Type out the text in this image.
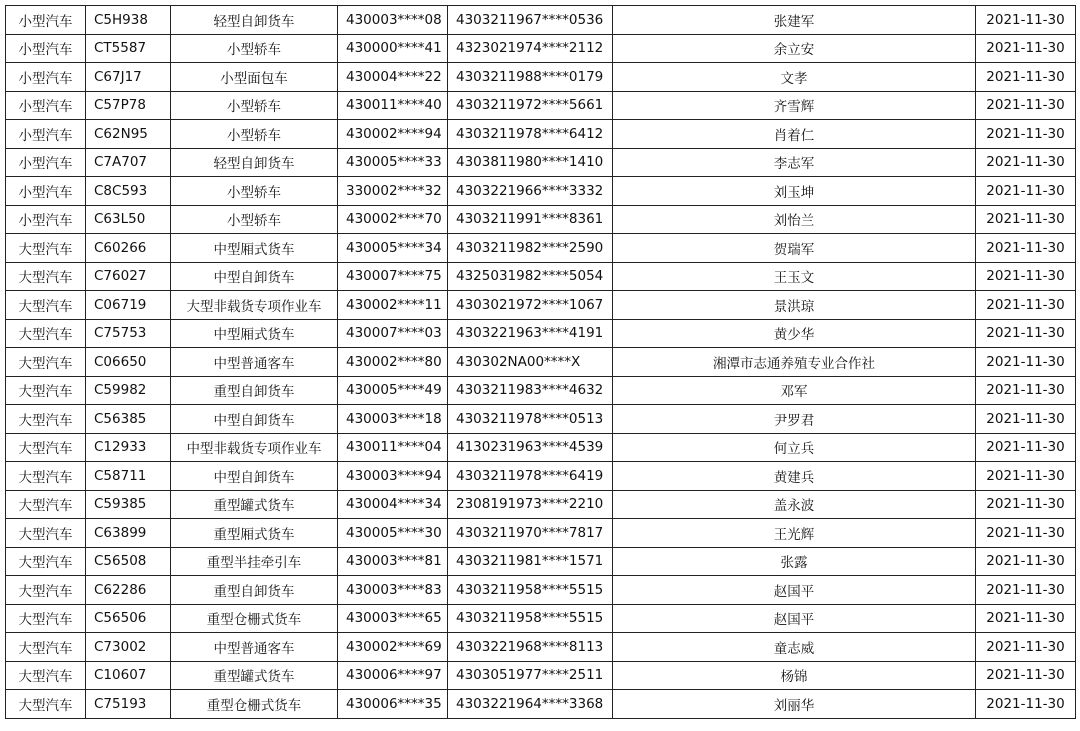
小型汽车	C5H938	轻型自卸货车	430003****08	4303211967****0536	张建军	2021-11-30
小型汽车	CT5587	小型轿车	430000****41	4323021974****2112	余立安	2021-11-30
小型汽车	C67J17	小型面包车	430004****22	4303211988****0179	文孝	2021-11-30
小型汽车	C57P78	小型轿车	430011****40	4303211972****5661	齐雪辉	2021-11-30
小型汽车	C62N95	小型轿车	430002****94	4303211978****6412	肖着仁	2021-11-30
小型汽车	C7A707	轻型自卸货车	430005****33	4303811980****1410	李志军	2021-11-30
小型汽车	C8C593	小型轿车	330002****32	4303221966****3332	刘玉坤	2021-11-30
小型汽车	C63L50	小型轿车	430002****70	4303211991****8361	刘怡兰	2021-11-30
大型汽车	C60266	中型厢式货车	430005****34	4303211982****2590	贺瑞军	2021-11-30
大型汽车	C76027	中型自卸货车	430007****75	4325031982****5054	王玉文	2021-11-30
大型汽车	C06719	大型非载货专项作业车	430002****11	4303021972****1067	景洪琼	2021-11-30
大型汽车	C75753	中型厢式货车	430007****03	4303221963****4191	黄少华	2021-11-30
大型汽车	C06650	中型普通客车	430002****80	430302NA00****X	湘潭市志通养殖专业合作社	2021-11-30
大型汽车	C59982	重型自卸货车	430005****49	4303211983****4632	邓军	2021-11-30
大型汽车	C56385	中型自卸货车	430003****18	4303211978****0513	尹罗君	2021-11-30
大型汽车	C12933	中型非载货专项作业车	430011****04	4130231963****4539	何立兵	2021-11-30
大型汽车	C58711	中型自卸货车	430003****94	4303211978****6419	黄建兵	2021-11-30
大型汽车	C59385	重型罐式货车	430004****34	2308191973****2210	盖永波	2021-11-30
大型汽车	C63899	重型厢式货车	430005****30	4303211970****7817	王光辉	2021-11-30
大型汽车	C56508	重型半挂牵引车	430003****81	4303211981****1571	张露	2021-11-30
大型汽车	C62286	重型自卸货车	430003****83	4303211958****5515	赵国平	2021-11-30
大型汽车	C56506	重型仓栅式货车	430003****65	4303211958****5515	赵国平	2021-11-30
大型汽车	C73002	中型普通客车	430002****69	4303221968****8113	童志威	2021-11-30
大型汽车	C10607	重型罐式货车	430006****97	4303051977****2511	杨锦	2021-11-30
大型汽车	C75193	重型仓栅式货车	430006****35	4303221964****3368	刘丽华	2021-11-30
